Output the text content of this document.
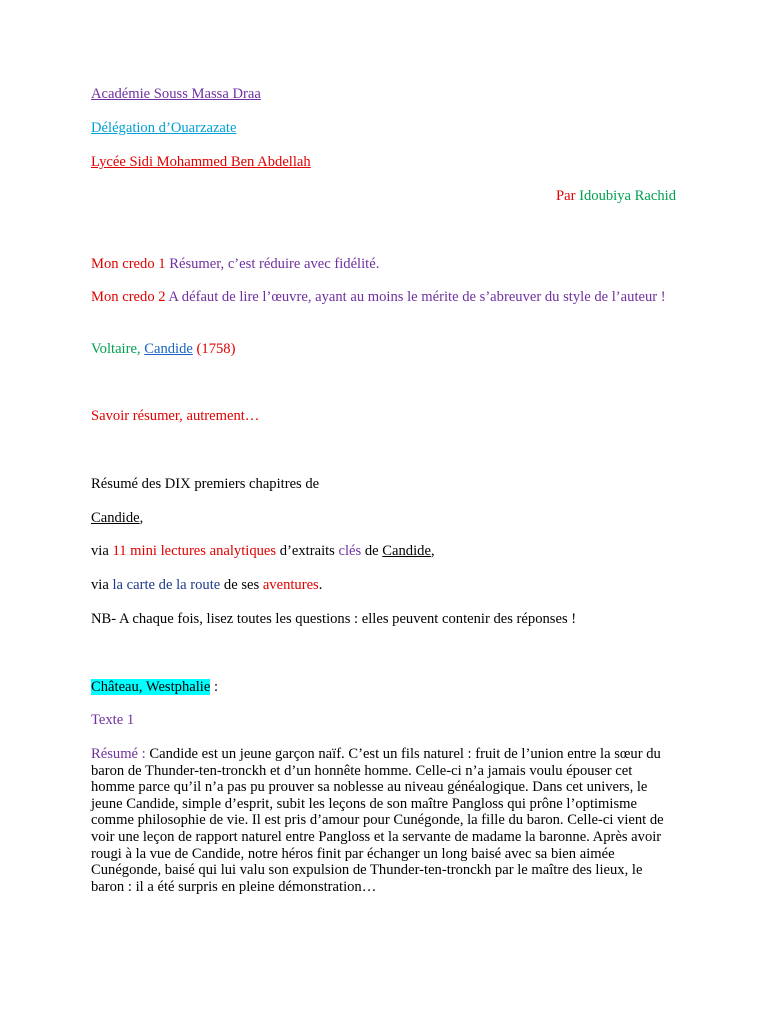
Académie Souss Massa Draa

Délégation d’Ouarzazate

Lycée Sidi Mohammed Ben Abdellah

Par Idoubiya Rachid

Mon credo 1 Résumer, c’est réduire avec fidélité.

Mon credo 2 A défaut de lire l’œuvre, ayant au moins le mérite de s’abreuver du style de l’auteur !

Voltaire, Candide (1758)

Savoir résumer, autrement…

Résumé des DIX premiers chapitres de

Candide,

via 11 mini lectures analytiques d’extraits clés de Candide,

via la carte de la route de ses aventures.

NB- A chaque fois, lisez toutes les questions : elles peuvent contenir des réponses !

Château, Westphalie :

Texte 1

Résumé : Candide est un jeune garçon naïf. C’est un fils naturel : fruit de l’union entre la sœur du baron de Thunder-ten-tronckh et d’un honnête homme. Celle-ci n’a jamais voulu épouser cet homme parce qu’il n’a pas pu prouver sa noblesse au niveau généalogique. Dans cet univers, le jeune Candide, simple d’esprit, subit les leçons de son maître Pangloss qui prône l’optimisme comme philosophie de vie. Il est pris d’amour pour Cunégonde, la fille du baron. Celle-ci vient de voir une leçon de rapport naturel entre Pangloss et la servante de madame la baronne. Après avoir rougi à la vue de Candide, notre héros finit par échanger un long baisé avec sa bien aimée Cunégonde, baisé qui lui valu son expulsion de Thunder-ten-tronckh par le maître des lieux, le baron : il a été surpris en pleine démonstration…
